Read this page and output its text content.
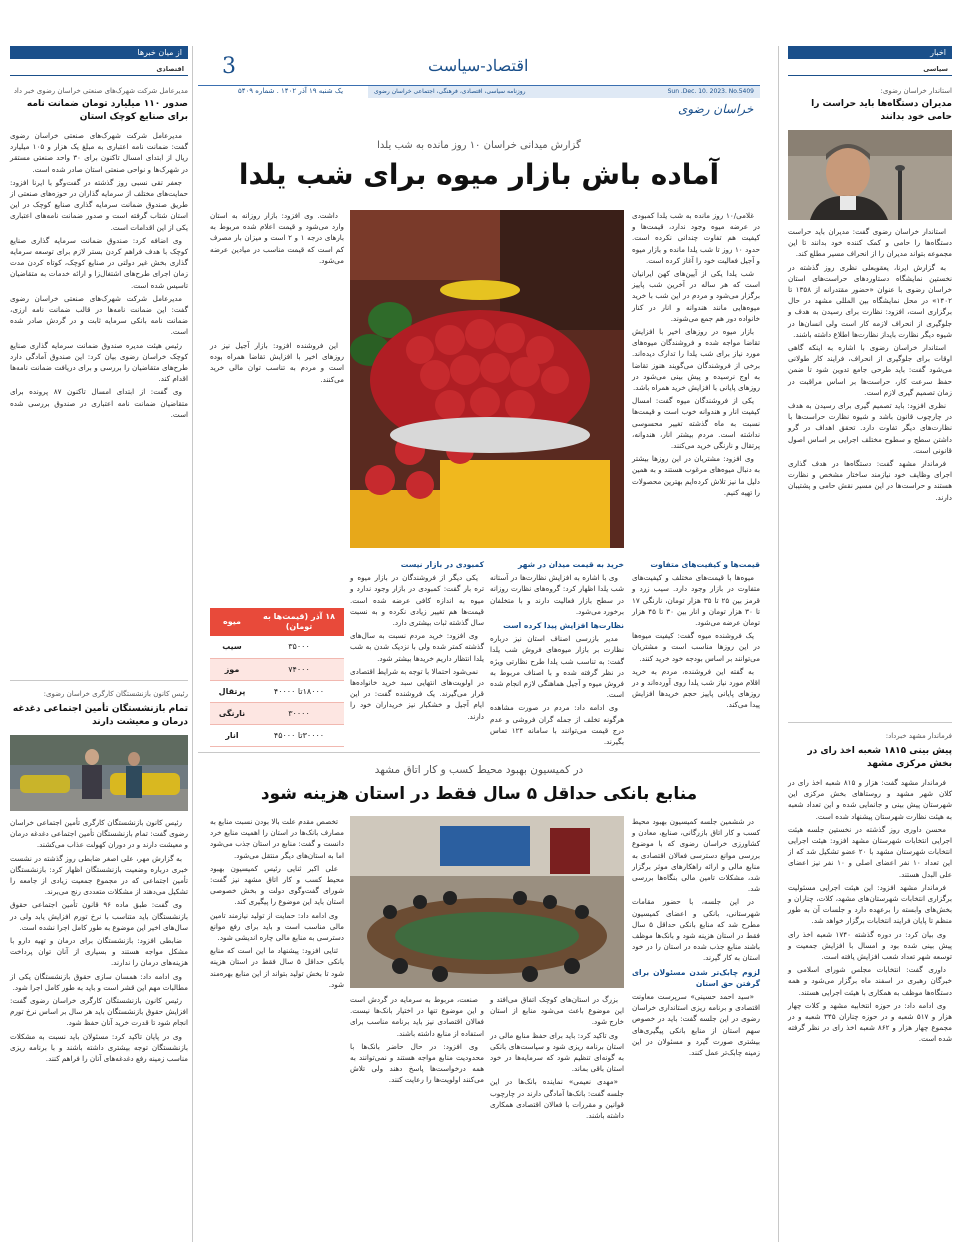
3	اقتصاد-سیاست
یک شنبه ۱۹ آذر ۱۴۰۲ . شماره ۵۴۰۹	Sun .Dec. 10. 2023. No.5409
روزنامه سیاسی، اقتصادی، فرهنگی، اجتماعی خراسان رضوی
خراسان رضوی
اخبار
سیاسی
استاندار خراسان رضوی:
مدیران دستگاه‌ها باید حراست را حامی خود بدانند

استاندار خراسان رضوی گفت: مدیران باید حراست دستگاه‌ها را حامی و کمک کننده خود بدانند تا این مجموعه بتواند مدیران را از انحراف مسیر مطلع کند.

به گزارش ایرنا، یعقوبعلی نظری روز گذشته در نخستین نمایشگاه دستاوردهای حراست‌های استان خراسان رضوی با عنوان «حضور مقتدرانه از ۱۳۵۸ تا ۱۴۰۲» در محل نمایشگاه بین المللی مشهد در حال برگزاری است، افزود: نظارت برای رسیدن به هدف و جلوگیری از انحراف لازمه کار است ولی انسان‌ها در شیوه دیگر نظارت بایداز نظارت‌ها اطلاع داشته باشند.

استاندار خراسان رضوی با اشاره به اینکه گاهی اوقات برای جلوگیری از انحراف، فرایند کار طولانی می‌شود گفت: باید طرحی جامع تدوین شود تا ضمن حفظ سرعت کار، حراست‌ها بر اساس مراقبت در زمان تصمیم گیری لازم است.

نظری افزود: باید تصمیم گیری برای رسیدن به هدف در چارچوب قانون باشد و شیوه نظارت حراست‌ها با نظارت‌های دیگر تفاوت دارد. تحقق اهداف در گرو داشتن سطح و سطوح مختلف اجرایی بر اساس اصول قانونی است.

فرماندار مشهد گفت: دستگاه‌ها در هدف گذاری اجرای وظایف خود نیازمند ساختار مشخص و نظارت هستند و حراست‌ها در این مسیر نقش حامی و پشتیبان دارند.

فرماندار مشهد خبرداد:
پیش بینی ۱۸۱۵ شعبه اخذ رای در بخش مرکزی مشهد

فرماندار مشهد گفت: هزار و ۸۱۵ شعبه اخذ رای در کلان شهر مشهد و روستاهای بخش مرکزی این شهرستان پیش بینی و جانمایی شده و این تعداد شعبه به هیئت نظارت شهرستان پیشنهاد شده است.

محسن داوری روز گذشته در نخستین جلسه هیئت اجرایی انتخابات شهرستان مشهد افزود: هیئت اجرایی انتخابات شهرستان مشهد با ۲۰ عضو تشکیل شد که از این تعداد ۱۰ نفر اعضای اصلی و ۱۰ نفر نیز اعضای علی البدل هستند.

فرماندار مشهد افزود: این هیئت اجرایی مسئولیت برگزاری انتخابات شهرستان‌های مشهد، کلات، چناران و بخش‌های وابسته را برعهده دارد و جلسات آن به طور منظم تا پایان فرایند انتخابات برگزار خواهد شد.

وی بیان کرد: در دوره گذشته ۱۷۴۰ شعبه اخذ رای پیش بینی شده بود و امسال با افزایش جمعیت و توسعه شهر تعداد شعب افزایش یافته است.

داوری گفت: انتخابات مجلس شورای اسلامی و خبرگان رهبری در اسفند ماه برگزار می‌شود و همه دستگاه‌ها موظف به همکاری با هیئت اجرایی هستند.

وی ادامه داد: در حوزه انتخابیه مشهد و کلات چهار هزار و ۵۱۷ شعبه و در حوزه چناران ۳۴۵ شعبه و در مجموع چهار هزار و ۸۶۲ شعبه اخذ رای در نظر گرفته شده است.

از میان خبرها
اقتصادی
مدیرعامل شرکت شهرک‌های صنعتی خراسان رضوی خبر داد
صدور ۱۱۰ میلیارد تومان ضمانت نامه برای صنایع کوچک استان

مدیرعامل شرکت شهرک‌های صنعتی خراسان رضوی گفت: ضمانت نامه اعتباری به مبلغ یک هزار و ۱۰۵ میلیارد ریال از ابتدای امسال تاکنون برای ۳۰ واحد صنعتی مستقر در شهرک‌ها و نواحی صنعتی استان صادر شده است.

جعفر تقی نسبی روز گذشته در گفت‌وگو با ایرنا افزود: حمایت‌های مختلف از سرمایه گذاران در حوزه‌های صنعتی از طریق صندوق ضمانت سرمایه گذاری صنایع کوچک در این استان شتاب گرفته است و صدور ضمانت نامه‌های اعتباری یکی از این اقدامات است.

وی اضافه کرد: صندوق ضمانت سرمایه گذاری صنایع کوچک با هدف فراهم کردن بستر لازم برای توسعه سرمایه گذاری بخش غیر دولتی در صنایع کوچک، کوتاه کردن مدت زمان اجرای طرح‌های اشتغال‌زا و ارائه خدمات به متقاضیان تاسیس شده است.

مدیرعامل شرکت شهرک‌های صنعتی خراسان رضوی گفت: این ضمانت نامه‌ها در قالب ضمانت نامه ارزی، ضمانت نامه بانکی سرمایه ثابت و در گردش صادر شده است.

رئیس هیئت مدیره صندوق ضمانت سرمایه گذاری صنایع کوچک خراسان رضوی بیان کرد: این صندوق آمادگی دارد طرح‌های متقاضیان را بررسی و برای دریافت ضمانت نامه‌ها اقدام کند.

وی گفت: از ابتدای امسال تاکنون ۸۷ پرونده برای متقاضیان ضمانت نامه اعتباری در صندوق بررسی شده است.

رئیس کانون بازنشستگان کارگری خراسان رضوی:
تمام بازنشستگان تأمین اجتماعی دغدغه درمان و معیشت دارند

رئیس کانون بازنشستگان کارگری تأمین اجتماعی خراسان رضوی گفت: تمام بازنشستگان تأمین اجتماعی دغدغه درمان و معیشت دارند و در دوران کهولت عذاب می‌کشند.

به گزارش مهر، علی اصغر ضابطی روز گذشته در نشست خبری درباره وضعیت بازنشستگان اظهار کرد: بازنشستگان تأمین اجتماعی که در مجموع جمعیت زیادی از جامعه را تشکیل می‌دهند از مشکلات متعددی رنج می‌برند.

وی گفت: طبق ماده ۹۶ قانون تأمین اجتماعی حقوق بازنشستگان باید متناسب با نرخ تورم افزایش یابد ولی در سال‌های اخیر این موضوع به طور کامل اجرا نشده است.

ضابطی افزود: بازنشستگان برای درمان و تهیه دارو با مشکل مواجه هستند و بسیاری از آنان توان پرداخت هزینه‌های درمان را ندارند.

وی ادامه داد: همسان سازی حقوق بازنشستگان یکی از مطالبات مهم این قشر است و باید به طور کامل اجرا شود.

رئیس کانون بازنشستگان کارگری خراسان رضوی گفت: افزایش حقوق بازنشستگان باید هر سال بر اساس نرخ تورم انجام شود تا قدرت خرید آنان حفظ شود.

وی در پایان تاکید کرد: مسئولان باید نسبت به مشکلات بازنشستگان توجه بیشتری داشته باشند و با برنامه ریزی مناسب زمینه رفع دغدغه‌های آنان را فراهم کنند.

گزارش میدانی خراسان ۱۰ روز مانده به شب یلدا
آماده باش بازار میوه برای شب یلدا

غلامی/۱۰ روز مانده به شب یلدا کمبودی در عرضه میوه وجود ندارد، قیمت‌ها و کیفیت هم تفاوت چندانی نکرده است. حدود ۱۰ روز تا شب یلدا مانده و بازار میوه و آجیل فعالیت خود را آغاز کرده است.

شب یلدا یکی از آیین‌های کهن ایرانیان است که هر ساله در آخرین شب پاییز برگزار می‌شود و مردم در این شب با خرید میوه‌هایی مانند هندوانه و انار در کنار خانواده دور هم جمع می‌شوند.

بازار میوه در روزهای اخیر با افزایش تقاضا مواجه شده و فروشندگان میوه‌های مورد نیاز برای شب یلدا را تدارک دیده‌اند. برخی از فروشندگان می‌گویند هنوز تقاضا به اوج نرسیده و پیش بینی می‌شود در روزهای پایانی با افزایش خرید همراه باشد.

یکی از فروشندگان میوه گفت: امسال کیفیت انار و هندوانه خوب است و قیمت‌ها نسبت به ماه گذشته تغییر محسوسی نداشته است. مردم بیشتر انار، هندوانه، پرتقال و نارنگی خرید می‌کنند.

وی افزود: مشتریان در این روزها بیشتر به دنبال میوه‌های مرغوب هستند و به همین دلیل ما نیز تلاش کرده‌ایم بهترین محصولات را تهیه کنیم.

خرید به قیمت میدان در شهر

وی با اشاره به افزایش نظارت‌ها در آستانه شب یلدا اظهار کرد: گروه‌های نظارت روزانه در سطح بازار فعالیت دارند و با متخلفان برخورد می‌شود.

نظارت‌ها افزایش پیدا کرده است

مدیر بازرسی اصناف استان نیز درباره نظارت بر بازار میوه‌های فروش شب یلدا گفت: به تناسب شب یلدا طرح نظارتی ویژه در نظر گرفته شده و با اصناف مربوط به فروش میوه و آجیل هماهنگی لازم انجام شده است.

وی ادامه داد: مردم در صورت مشاهده هرگونه تخلف از جمله گران فروشی و عدم درج قیمت می‌توانند با سامانه ۱۲۴ تماس بگیرند.

داشت. وی افزود: بازار روزانه به استان وارد می‌شود و قیمت اعلام شده مربوط به بارهای درجه ۱ و ۲ است و میزان بار مصرف کم است که قیمت مناسب در میادین عرضه می‌شود.

قیمت‌ها و کیفیت‌های متفاوت

میوه‌ها با قیمت‌های مختلف و کیفیت‌های متفاوت در بازار وجود دارد. سیب زرد و قرمز بین ۲۵ تا ۳۵ هزار تومان، نارنگی ۱۷ تا ۳۰ هزار تومان و انار بین ۳۰ تا ۴۵ هزار تومان عرضه می‌شود.

یک فروشنده میوه گفت: کیفیت میوه‌ها در این روزها مناسب است و مشتریان می‌توانند بر اساس بودجه خود خرید کنند.

به گفته این فروشنده، مردم به خرید اقلام مورد نیاز شب یلدا روی آورده‌اند و در روزهای پایانی پاییز حجم خریدها افزایش پیدا می‌کند.

کمبودی در بازار نیست

یکی دیگر از فروشندگان در بازار میوه و تره بار گفت: کمبودی در بازار وجود ندارد و میوه به اندازه کافی عرضه شده است. قیمت‌ها هم تغییر زیادی نکرده و به نسبت سال گذشته ثبات بیشتری دارد.

وی افزود: خرید مردم نسبت به سال‌های گذشته کمتر شده ولی با نزدیک شدن به شب یلدا انتظار داریم خریدها بیشتر شود.

نمی‌شود احتمالا با توجه به شرایط اقتصادی در اولویت‌های انتهایی سبد خرید خانواده‌ها قرار می‌گیرند. یک فروشنده گفت: در این ایام آجیل و خشکبار نیز خریداران خود را دارند.

این فروشنده افزود: بازار آجیل نیز در روزهای اخیر با افزایش تقاضا همراه بوده است و مردم به تناسب توان مالی خرید می‌کنند.

۱۸ آذر (قیمت‌ها به تومان)	میوه
۳۵۰۰۰	سیب
۷۴۰۰۰	موز
۱۸۰۰۰تا ۴۰۰۰۰	پرتقال
۳۰۰۰۰	نارنگی
۳۰۰۰۰تا ۴۵۰۰۰	انار
در کمیسیون بهبود محیط کسب و کار اتاق مشهد
منابع بانکی حداقل ۵ سال فقط در استان هزینه شود

در ششمین جلسه کمیسیون بهبود محیط کسب و کار اتاق بازرگانی، صنایع، معادن و کشاورزی خراسان رضوی که با موضوع بررسی موانع دسترسی فعالان اقتصادی به منابع مالی و ارائه راهکارهای موثر برگزار شد، مشکلات تامین مالی بنگاه‌ها بررسی شد.

در این جلسه، با حضور مقامات شهرستانی، بانکی و اعضای کمیسیون مطرح شد که منابع بانکی حداقل ۵ سال فقط در استان هزینه شود و بانک‌ها موظف باشند منابع جذب شده در استان را در خود استان به کار گیرند.

لزوم چابک‌تر شدن مسئولان برای گرفتن حق استان

«سید احمد حسینی» سرپرست معاونت اقتصادی و برنامه ریزی استانداری خراسان رضوی در این جلسه گفت: باید در خصوص سهم استان از منابع بانکی پیگیری‌های بیشتری صورت گیرد و مسئولان در این زمینه چابک‌تر عمل کنند.

بزرگ در استان‌های کوچک اتفاق می‌افتد و این موضوع باعث می‌شود منابع از استان خارج شود.

وی تاکید کرد: باید برای حفظ منابع مالی در استان برنامه ریزی شود و سیاست‌های بانکی به گونه‌ای تنظیم شود که سرمایه‌ها در خود استان باقی بماند.

«مهدی نعیمی» نماینده بانک‌ها در این جلسه گفت: بانک‌ها آمادگی دارند در چارچوب قوانین و مقررات با فعالان اقتصادی همکاری داشته باشند.

صنعت، مربوط به سرمایه در گردش است و این موضوع تنها در اختیار بانک‌ها نیست. فعالان اقتصادی نیز باید برنامه مناسب برای استفاده از منابع داشته باشند.

وی افزود: در حال حاضر بانک‌ها با محدودیت منابع مواجه هستند و نمی‌توانند به همه درخواست‌ها پاسخ دهند ولی تلاش می‌کنند اولویت‌ها را رعایت کنند.

تخصص مقدم علت بالا بودن نسبت منابع به مصارف بانک‌ها در استان را اهمیت منابع خرد دانست و گفت: منابع در استان جذب می‌شود اما به استان‌های دیگر منتقل می‌شود.

علی اکبر ثنایی رئیس کمیسیون بهبود محیط کسب و کار اتاق مشهد نیز گفت: شورای گفت‌وگوی دولت و بخش خصوصی استان باید این موضوع را پیگیری کند.

وی ادامه داد: حمایت از تولید نیازمند تامین مالی مناسب است و باید برای رفع موانع دسترسی به منابع مالی چاره اندیشی شود.

ثنایی افزود: پیشنهاد ما این است که منابع بانکی حداقل ۵ سال فقط در استان هزینه شود تا بخش تولید بتواند از این منابع بهره‌مند شود.
